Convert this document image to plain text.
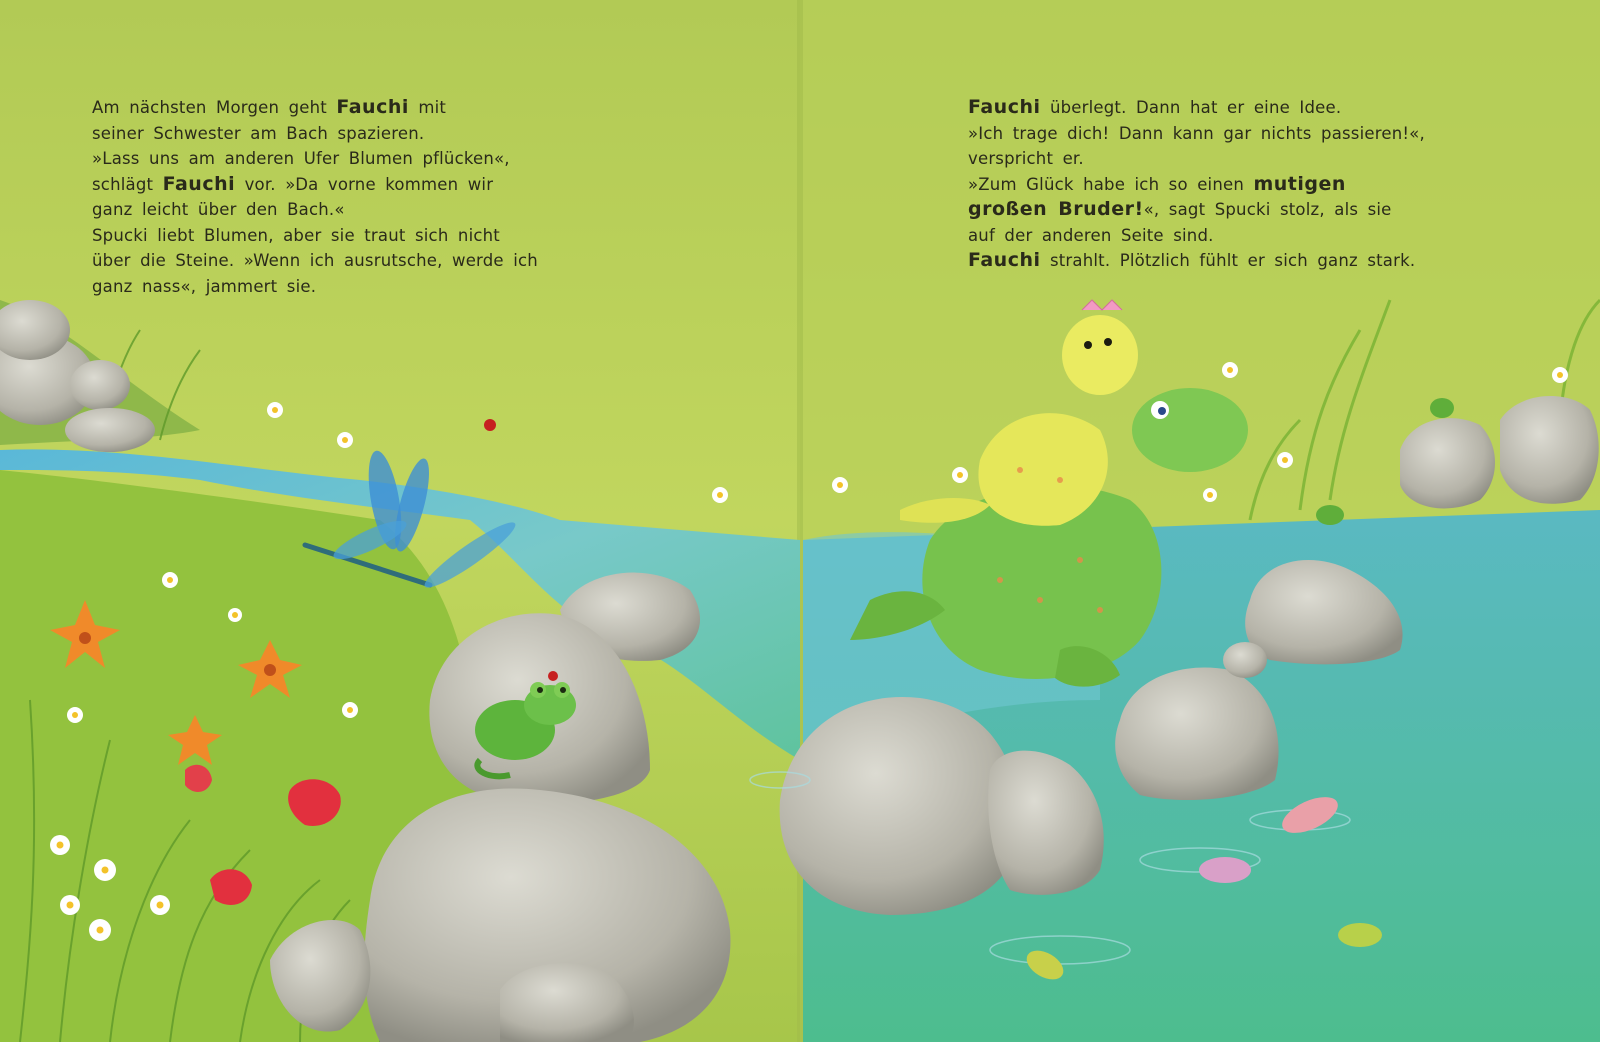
Am nächsten Morgen geht Fauchi mit
seiner Schwester am Bach spazieren.
»Lass uns am anderen Ufer Blumen pflücken«,
schlägt Fauchi vor. »Da vorne kommen wir
ganz leicht über den Bach.«
Spucki liebt Blumen, aber sie traut sich nicht
über die Steine. »Wenn ich ausrutsche, werde ich
ganz nass«, jammert sie.
Fauchi überlegt. Dann hat er eine Idee.
»Ich trage dich! Dann kann gar nichts passieren!«,
verspricht er.
»Zum Glück habe ich so einen mutigen
großen Bruder!«, sagt Spucki stolz, als sie
auf der anderen Seite sind.
Fauchi strahlt. Plötzlich fühlt er sich ganz stark.
